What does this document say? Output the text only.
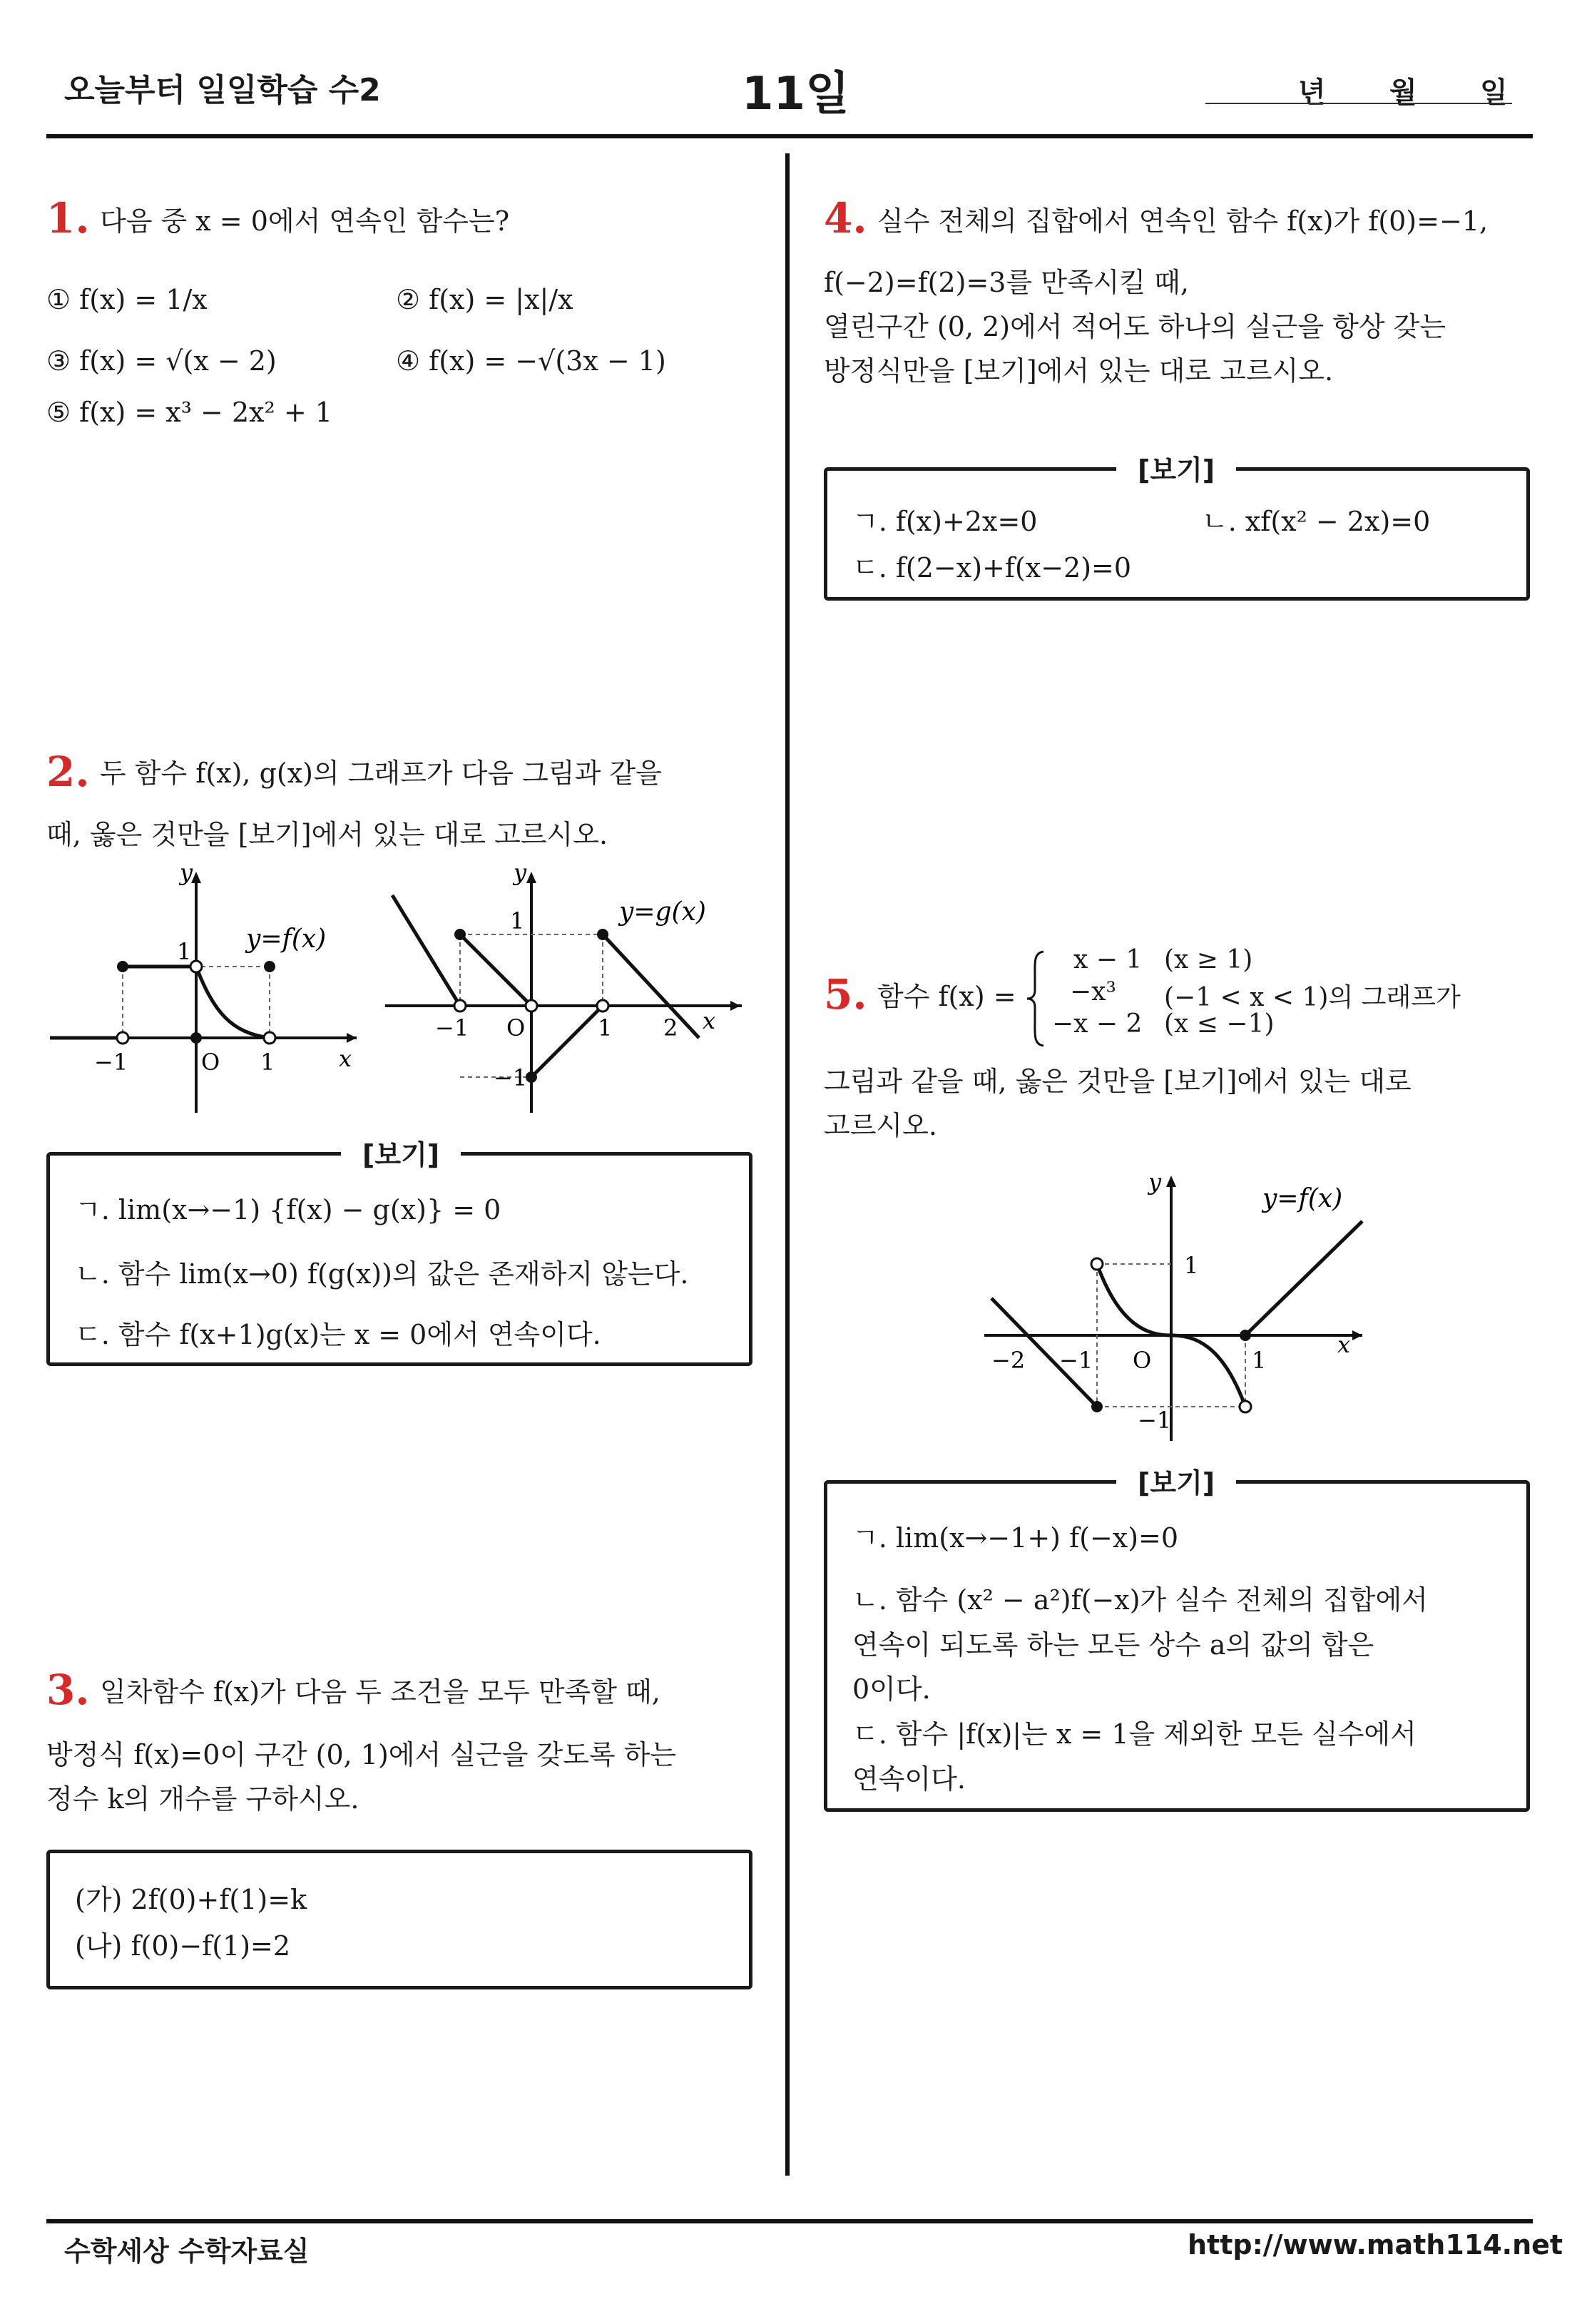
오늘부터 일일학습 수2	11일	년 월 일
1. 다음 중 x = 0에서 연속인 함수는?
① f(x) = 1/x	② f(x) = |x|/x
③ f(x) = √(x − 2)	④ f(x) = −√(3x − 1)
⑤ f(x) = x³ − 2x² + 1
2. 두 함수 f(x), g(x)의 그래프가 다음 그림과 같을
때, 옳은 것만을 [보기]에서 있는 대로 고르시오.
y
x
1
−1	O 1
y=f(x)
y
x
1
−1 O	1 2
−1
y=g(x)
[보기]
ㄱ. lim(x→−1) {f(x) − g(x)} = 0
ㄴ. 함수 lim(x→0) f(g(x))의 값은 존재하지 않는다.
ㄷ. 함수 f(x+1)g(x)는 x = 0에서 연속이다.
3. 일차함수 f(x)가 다음 두 조건을 모두 만족할 때,
방정식 f(x)=0이 구간 (0, 1)에서 실근을 갖도록 하는
정수 k의 개수를 구하시오.
(가) 2f(0)+f(1)=k
(나) f(0)−f(1)=2
4. 실수 전체의 집합에서 연속인 함수 f(x)가 f(0)=−1,
f(−2)=f(2)=3를 만족시킬 때,
열린구간 (0, 2)에서 적어도 하나의 실근을 항상 갖는
방정식만을 [보기]에서 있는 대로 고르시오.
[보기]
ㄱ. f(x)+2x=0	ㄴ. xf(x² − 2x)=0
ㄷ. f(2−x)+f(x−2)=0
5. 함수 f(x) =
x − 1 (x ≥ 1)
−x³ (−1 < x < 1)의 그래프가
−x − 2 (x ≤ −1)
그림과 같을 때, 옳은 것만을 [보기]에서 있는 대로
고르시오.
y
x
1
−2 −1 O	1
−1
y=f(x)
[보기]
ㄱ. lim(x→−1+) f(−x)=0
ㄴ. 함수 (x² − a²)f(−x)가 실수 전체의 집합에서
연속이 되도록 하는 모든 상수 a의 값의 합은
0이다.
ㄷ. 함수 |f(x)|는 x = 1을 제외한 모든 실수에서
연속이다.
수학세상 수학자료실	http://www.math114.net
